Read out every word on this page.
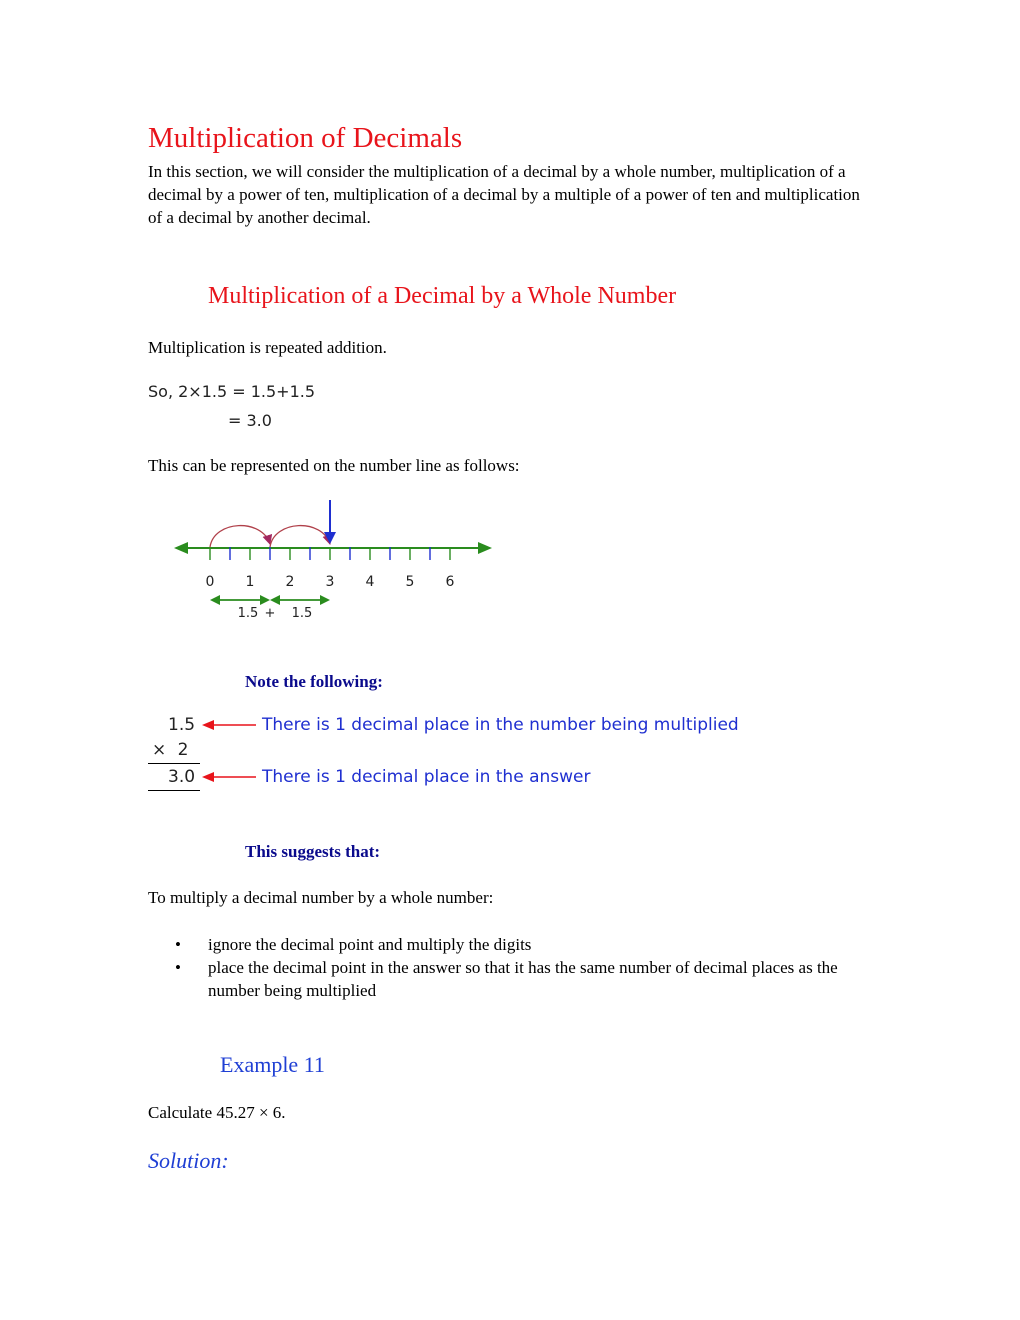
Multiplication of Decimals
In this section, we will consider the multiplication of a decimal by a whole number, multiplication of a decimal by a power of ten, multiplication of a decimal by a multiple of a power of ten and multiplication of a decimal by another decimal.
Multiplication of a Decimal by a Whole Number
Multiplication is repeated addition.
So, 2×1.5 = 1.5+1.5
= 3.0
This can be represented on the number line as follows:
0 1 2 3 4 5 6
1.5 + 1.5
Note the following:
1.5
× 2
3.0
There is 1 decimal place in the number being multiplied
There is 1 decimal place in the answer
This suggests that:
To multiply a decimal number by a whole number:
• ignore the decimal point and multiply the digits
• place the decimal point in the answer so that it has the same number of decimal places as the number being multiplied
Example 11
Calculate 45.27 × 6.
Solution:
